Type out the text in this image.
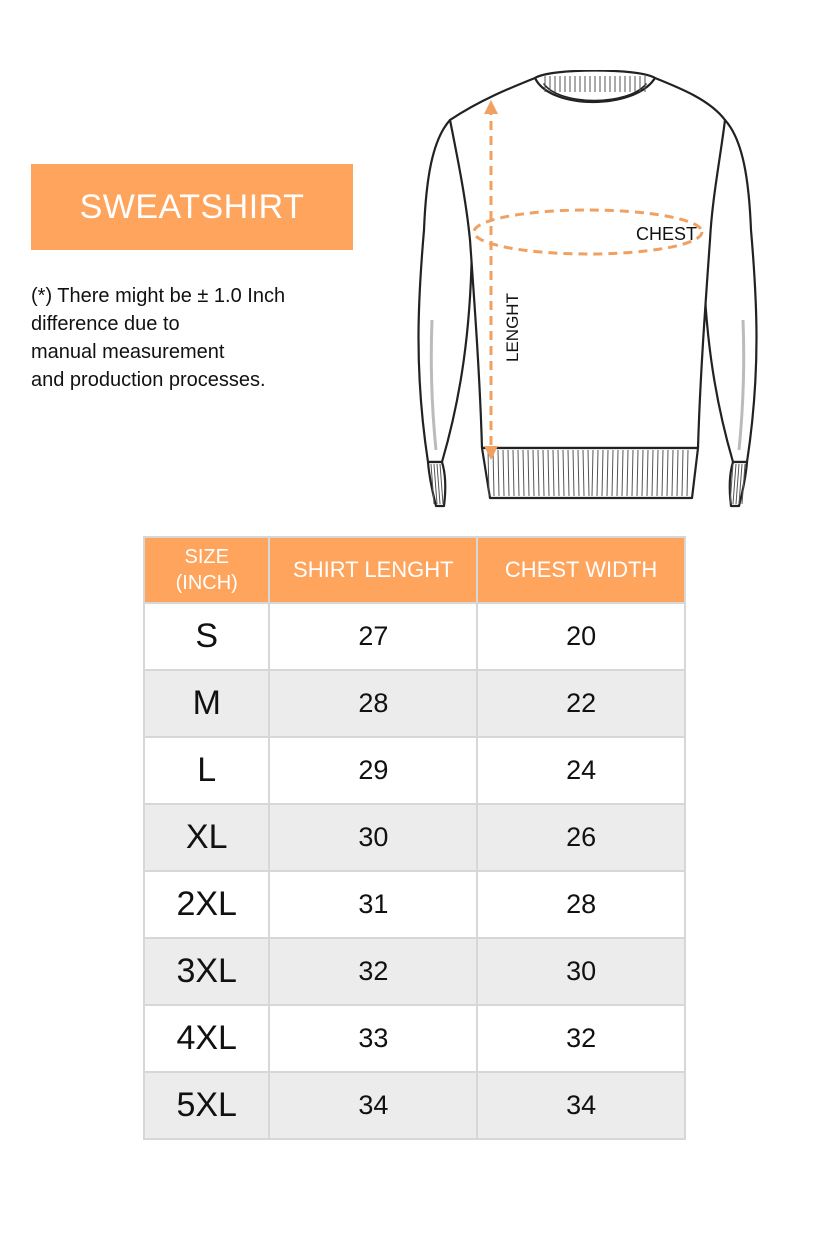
SWEATSHIRT
(*) There might be ± 1.0 Inch
difference due to
manual measurement
and production processes.
CHEST
LENGHT
SIZE
(INCH)	SHIRT LENGHT	CHEST WIDTH
S	27	20
M	28	22
L	29	24
XL	30	26
2XL	31	28
3XL	32	30
4XL	33	32
5XL	34	34
